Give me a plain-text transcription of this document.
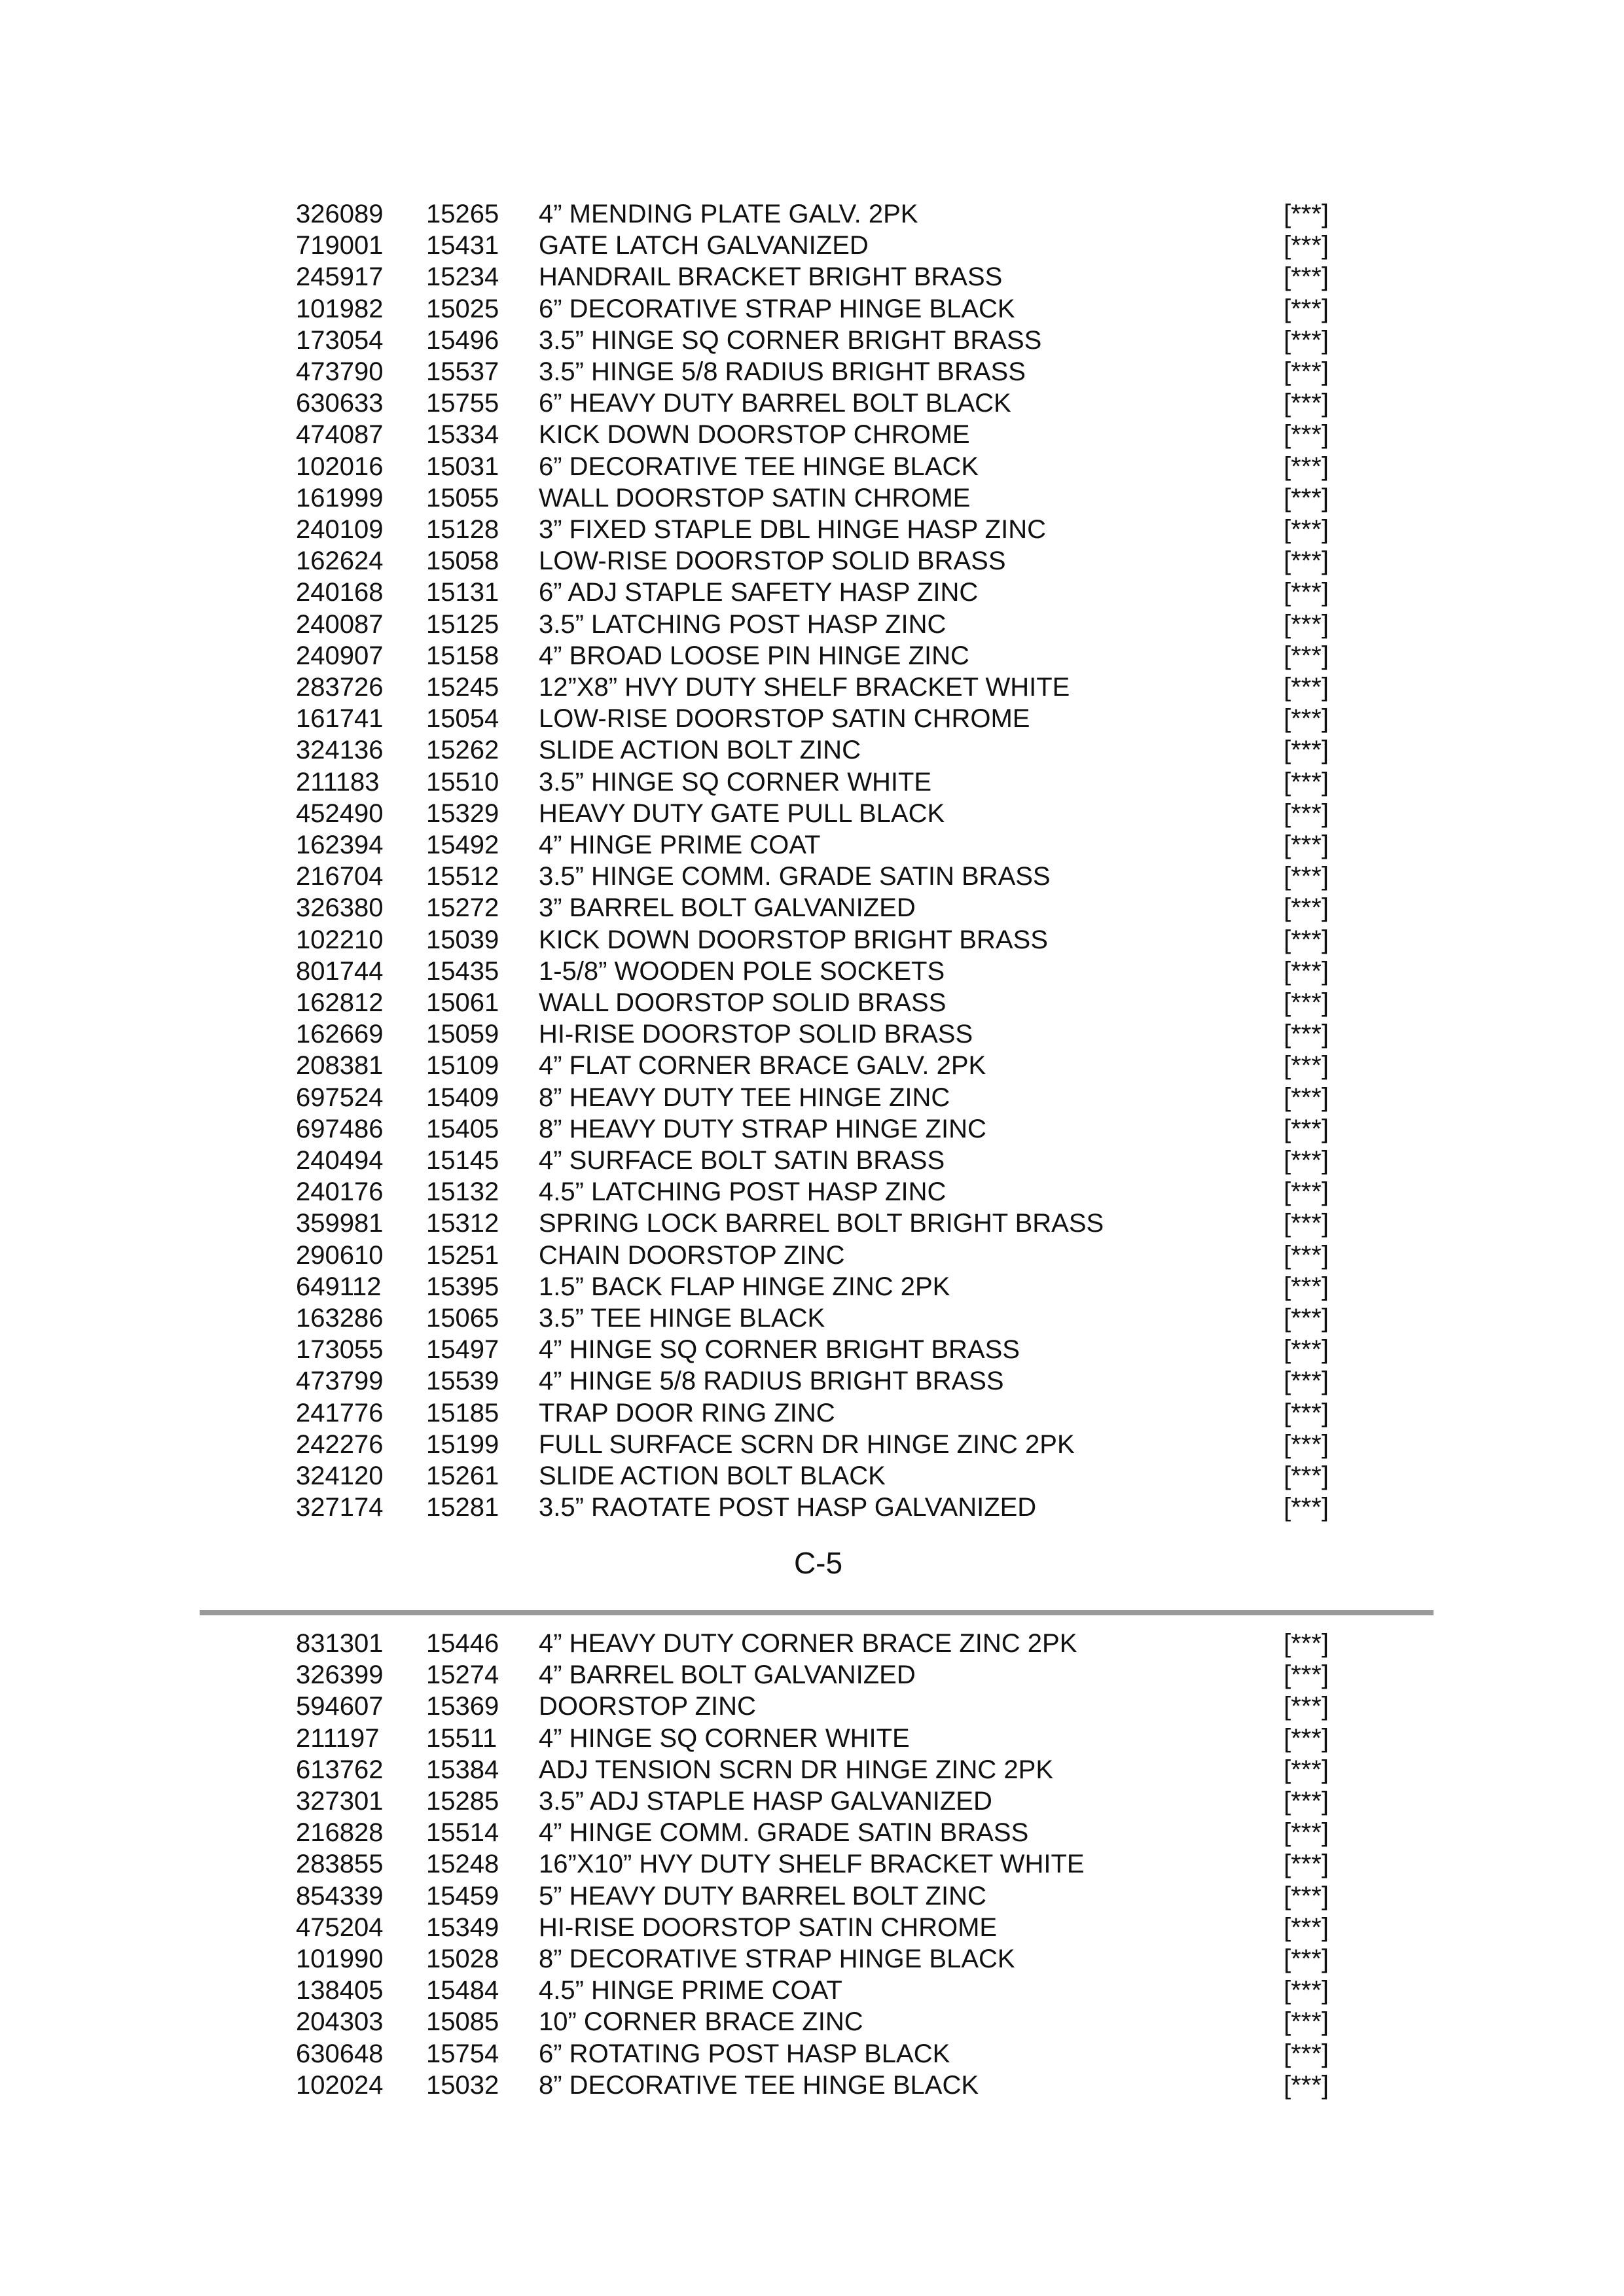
326089 15265 4” MENDING PLATE GALV. 2PK	[***]
719001 15431 GATE LATCH GALVANIZED	[***]
245917 15234 HANDRAIL BRACKET BRIGHT BRASS	[***]
101982 15025 6” DECORATIVE STRAP HINGE BLACK	[***]
173054 15496 3.5” HINGE SQ CORNER BRIGHT BRASS	[***]
473790 15537 3.5” HINGE 5/8 RADIUS BRIGHT BRASS	[***]
630633 15755 6” HEAVY DUTY BARREL BOLT BLACK	[***]
474087 15334 KICK DOWN DOORSTOP CHROME	[***]
102016 15031 6” DECORATIVE TEE HINGE BLACK	[***]
161999 15055 WALL DOORSTOP SATIN CHROME	[***]
240109 15128 3” FIXED STAPLE DBL HINGE HASP ZINC	[***]
162624 15058 LOW-RISE DOORSTOP SOLID BRASS	[***]
240168 15131 6” ADJ STAPLE SAFETY HASP ZINC	[***]
240087 15125 3.5” LATCHING POST HASP ZINC	[***]
240907 15158 4” BROAD LOOSE PIN HINGE ZINC	[***]
283726 15245 12”X8” HVY DUTY SHELF BRACKET WHITE	[***]
161741 15054 LOW-RISE DOORSTOP SATIN CHROME	[***]
324136 15262 SLIDE ACTION BOLT ZINC	[***]
211183 15510 3.5” HINGE SQ CORNER WHITE	[***]
452490 15329 HEAVY DUTY GATE PULL BLACK	[***]
162394 15492 4” HINGE PRIME COAT	[***]
216704 15512 3.5” HINGE COMM. GRADE SATIN BRASS	[***]
326380 15272 3” BARREL BOLT GALVANIZED	[***]
102210 15039 KICK DOWN DOORSTOP BRIGHT BRASS	[***]
801744 15435 1-5/8” WOODEN POLE SOCKETS	[***]
162812 15061 WALL DOORSTOP SOLID BRASS	[***]
162669 15059 HI-RISE DOORSTOP SOLID BRASS	[***]
208381 15109 4” FLAT CORNER BRACE GALV. 2PK	[***]
697524 15409 8” HEAVY DUTY TEE HINGE ZINC	[***]
697486 15405 8” HEAVY DUTY STRAP HINGE ZINC	[***]
240494 15145 4” SURFACE BOLT SATIN BRASS	[***]
240176 15132 4.5” LATCHING POST HASP ZINC	[***]
359981 15312 SPRING LOCK BARREL BOLT BRIGHT BRASS	[***]
290610 15251 CHAIN DOORSTOP ZINC	[***]
649112 15395 1.5” BACK FLAP HINGE ZINC 2PK	[***]
163286 15065 3.5” TEE HINGE BLACK	[***]
173055 15497 4” HINGE SQ CORNER BRIGHT BRASS	[***]
473799 15539 4” HINGE 5/8 RADIUS BRIGHT BRASS	[***]
241776 15185 TRAP DOOR RING ZINC	[***]
242276 15199 FULL SURFACE SCRN DR HINGE ZINC 2PK	[***]
324120 15261 SLIDE ACTION BOLT BLACK	[***]
327174 15281 3.5” RAOTATE POST HASP GALVANIZED	[***]
C-5
831301 15446 4” HEAVY DUTY CORNER BRACE ZINC 2PK	[***]
326399 15274 4” BARREL BOLT GALVANIZED	[***]
594607 15369 DOORSTOP ZINC	[***]
211197 15511 4” HINGE SQ CORNER WHITE	[***]
613762 15384 ADJ TENSION SCRN DR HINGE ZINC 2PK	[***]
327301 15285 3.5” ADJ STAPLE HASP GALVANIZED	[***]
216828 15514 4” HINGE COMM. GRADE SATIN BRASS	[***]
283855 15248 16”X10” HVY DUTY SHELF BRACKET WHITE	[***]
854339 15459 5” HEAVY DUTY BARREL BOLT ZINC	[***]
475204 15349 HI-RISE DOORSTOP SATIN CHROME	[***]
101990 15028 8” DECORATIVE STRAP HINGE BLACK	[***]
138405 15484 4.5” HINGE PRIME COAT	[***]
204303 15085 10” CORNER BRACE ZINC	[***]
630648 15754 6” ROTATING POST HASP BLACK	[***]
102024 15032 8” DECORATIVE TEE HINGE BLACK	[***]
